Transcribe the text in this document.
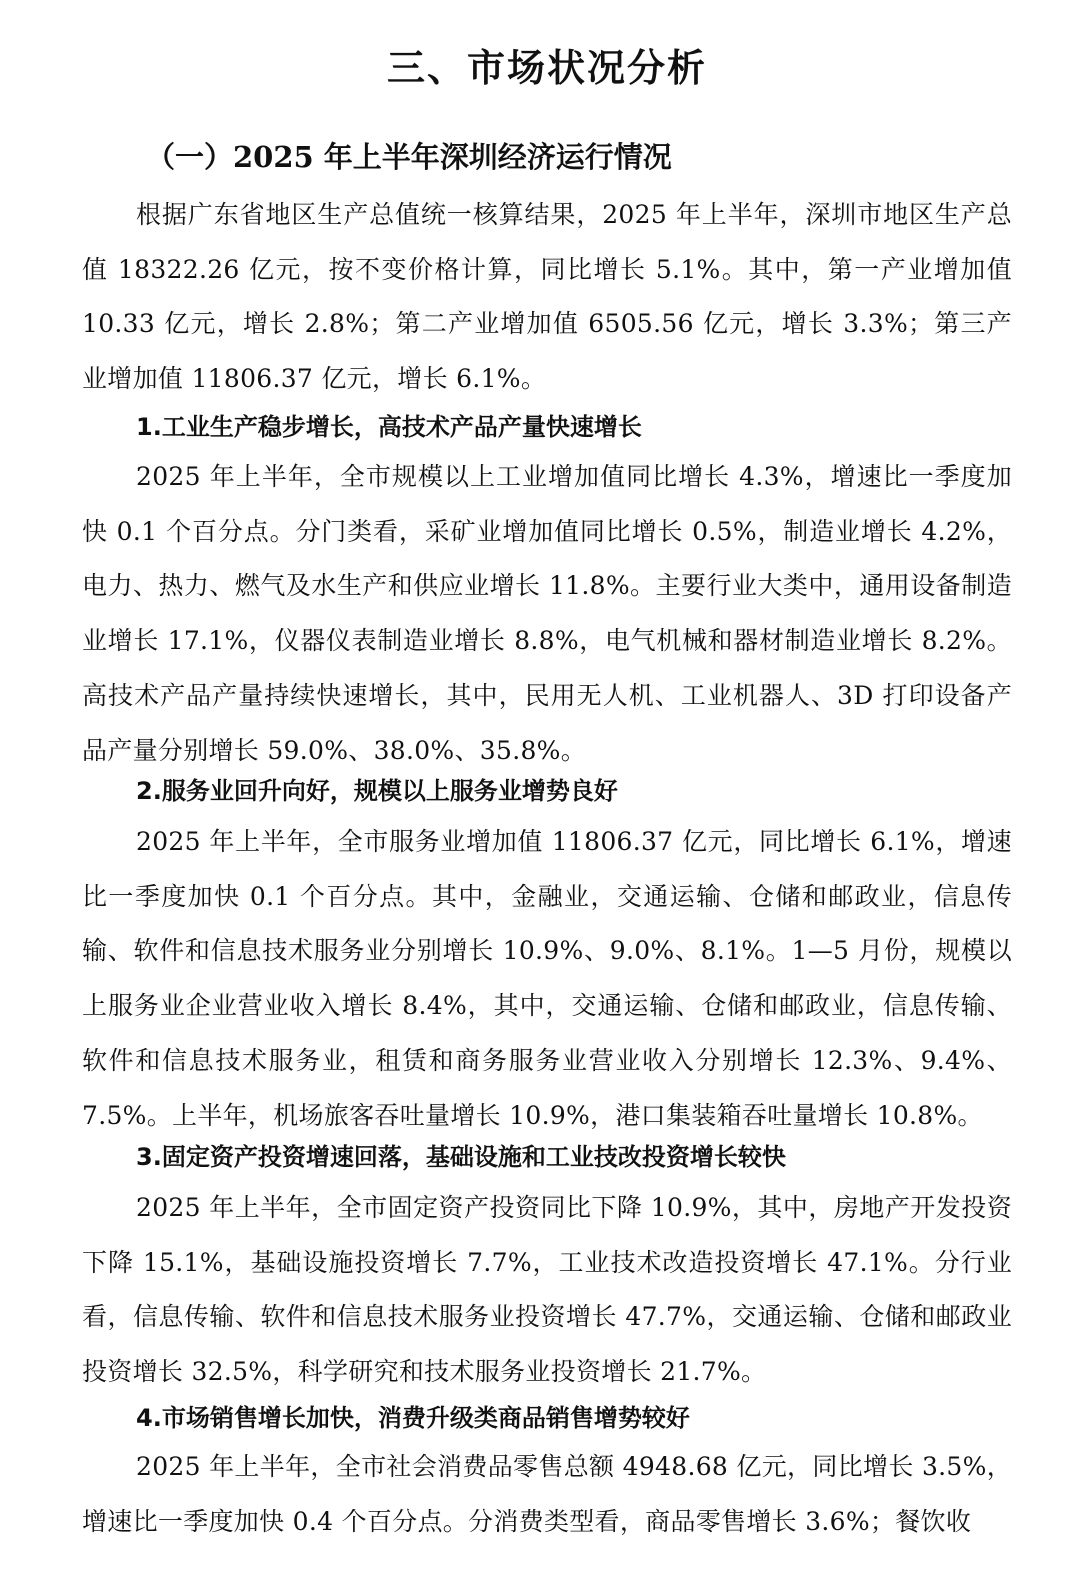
三、市场状况分析
（一）2025 年上半年深圳经济运行情况

根据广东省地区生产总值统一核算结果，2025 年上半年，深圳市地区生产总值 18322.26 亿元，按不变价格计算，同比增长 5.1%。其中，第一产业增加值 10.33 亿元，增长 2.8%；第二产业增加值 6505.56 亿元，增长 3.3%；第三产业增加值 11806.37 亿元，增长 6.1%。

1.工业生产稳步增长，高技术产品产量快速增长

2025 年上半年，全市规模以上工业增加值同比增长 4.3%，增速比一季度加快 0.1 个百分点。分门类看，采矿业增加值同比增长 0.5%，制造业增长 4.2%，电力、热力、燃气及水生产和供应业增长 11.8%。主要行业大类中，通用设备制造业增长 17.1%，仪器仪表制造业增长 8.8%，电气机械和器材制造业增长 8.2%。高技术产品产量持续快速增长，其中，民用无人机、工业机器人、3D 打印设备产品产量分别增长 59.0%、38.0%、35.8%。

2.服务业回升向好，规模以上服务业增势良好

2025 年上半年，全市服务业增加值 11806.37 亿元，同比增长 6.1%，增速比一季度加快 0.1 个百分点。其中，金融业，交通运输、仓储和邮政业，信息传输、软件和信息技术服务业分别增长 10.9%、9.0%、8.1%。1—5 月份，规模以上服务业企业营业收入增长 8.4%，其中，交通运输、仓储和邮政业，信息传输、软件和信息技术服务业，租赁和商务服务业营业收入分别增长 12.3%、9.4%、7.5%。上半年，机场旅客吞吐量增长 10.9%，港口集装箱吞吐量增长 10.8%。

3.固定资产投资增速回落，基础设施和工业技改投资增长较快

2025 年上半年，全市固定资产投资同比下降 10.9%，其中，房地产开发投资下降 15.1%，基础设施投资增长 7.7%，工业技术改造投资增长 47.1%。分行业看，信息传输、软件和信息技术服务业投资增长 47.7%，交通运输、仓储和邮政业投资增长 32.5%，科学研究和技术服务业投资增长 21.7%。

4.市场销售增长加快，消费升级类商品销售增势较好

2025 年上半年，全市社会消费品零售总额 4948.68 亿元，同比增长 3.5%，增速比一季度加快 0.4 个百分点。分消费类型看，商品零售增长 3.6%；餐饮收
